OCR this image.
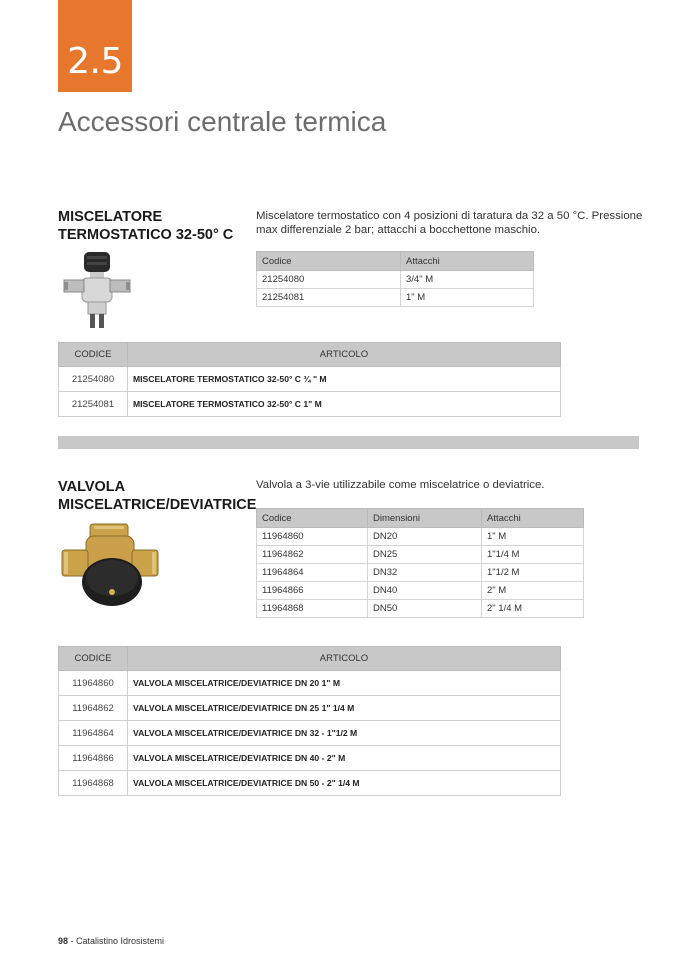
2.5
Accessori centrale termica
MISCELATORE
TERMOSTATICO 32-50° C
Miscelatore termostatico con 4 posizioni di taratura da 32 a 50 °C. Pressione max differenziale 2 bar; attacchi a bocchettone maschio.
Codice	Attacchi
21254080	3/4" M
21254081	1" M
CODICE	ARTICOLO
21254080	MISCELATORE TERMOSTATICO 32-50° C ¾ " M
21254081	MISCELATORE TERMOSTATICO 32-50° C 1" M
VALVOLA
MISCELATRICE/DEVIATRICE
Valvola a 3-vie utilizzabile come miscelatrice o deviatrice.
Codice	Dimensioni	Attacchi
11964860	DN20	1" M
11964862	DN25	1"1/4 M
11964864	DN32	1"1/2 M
11964866	DN40	2" M
11964868	DN50	2" 1/4 M
CODICE	ARTICOLO
11964860	VALVOLA MISCELATRICE/DEVIATRICE DN 20 1" M
11964862	VALVOLA MISCELATRICE/DEVIATRICE DN 25 1" 1/4 M
11964864	VALVOLA MISCELATRICE/DEVIATRICE DN 32 - 1"1/2 M
11964866	VALVOLA MISCELATRICE/DEVIATRICE DN 40 - 2" M
11964868	VALVOLA MISCELATRICE/DEVIATRICE DN 50 - 2" 1/4 M
98 - Catalistino Idrosistemi
